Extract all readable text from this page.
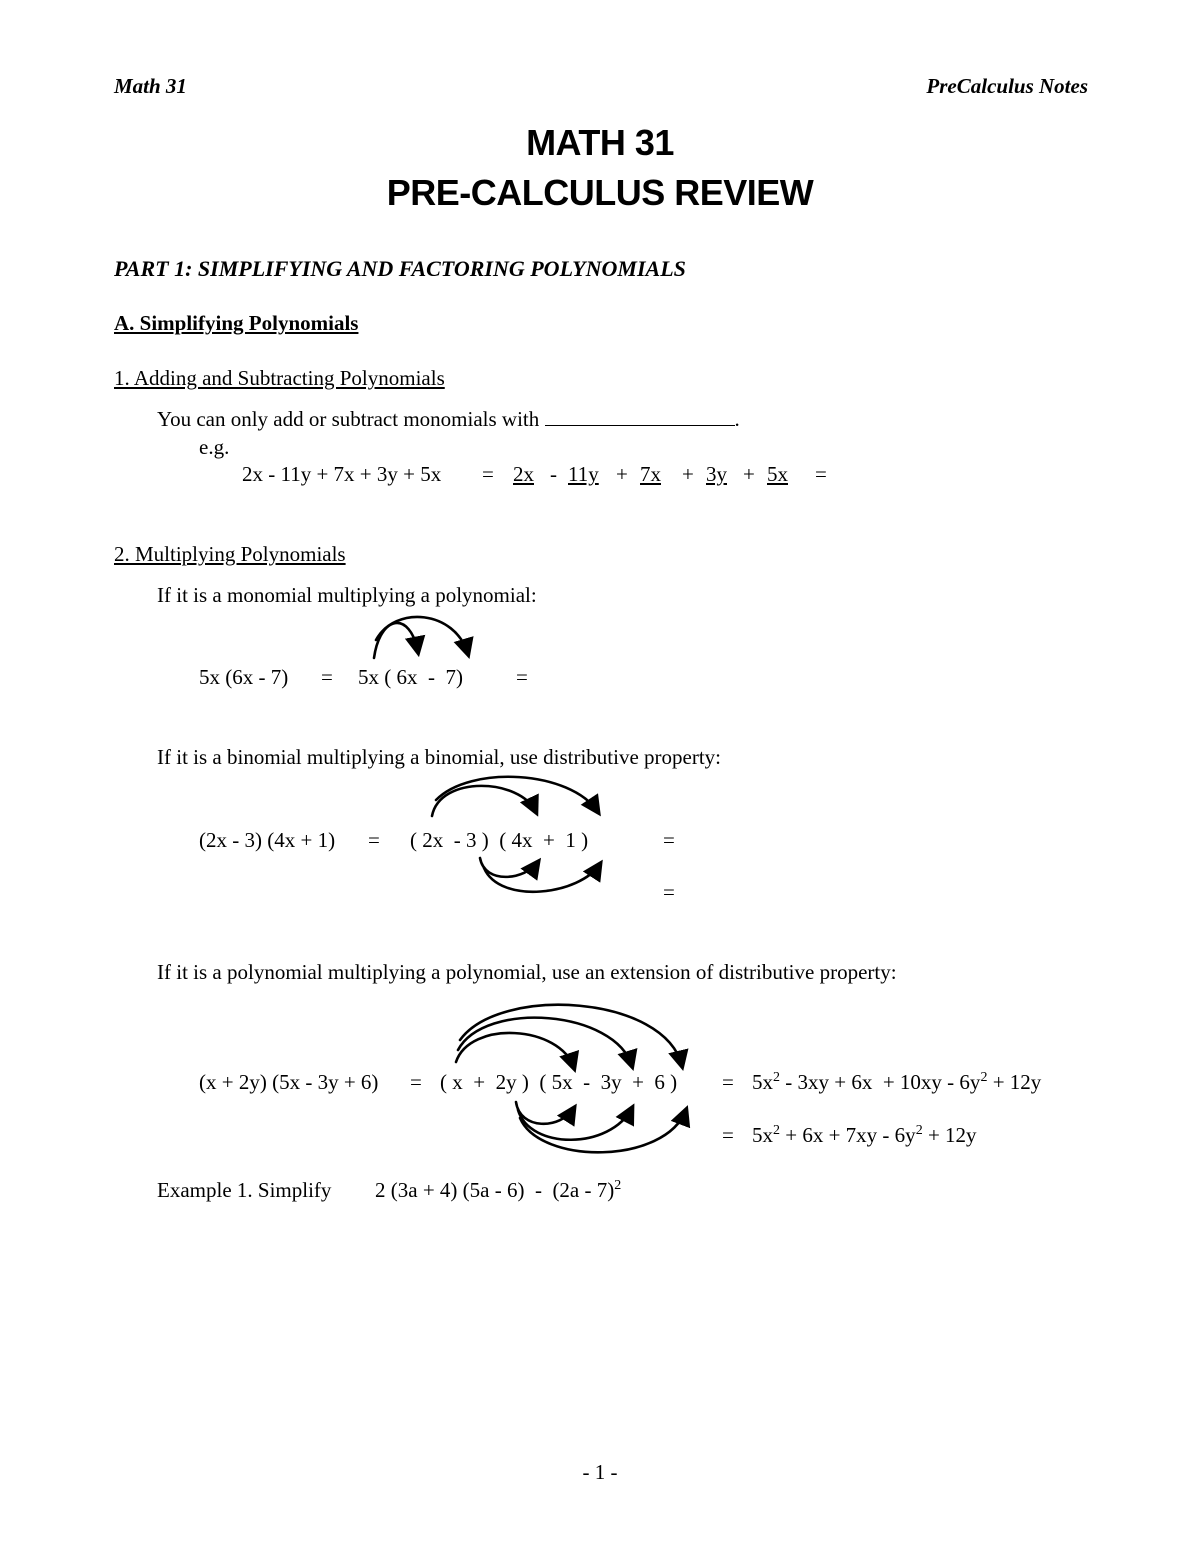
Math 31	PreCalculus Notes
MATH 31
PRE-CALCULUS REVIEW
PART 1: SIMPLIFYING AND FACTORING POLYNOMIALS
A. Simplifying Polynomials
1. Adding and Subtracting Polynomials
You can only add or subtract monomials with	.
e.g.
2x - 11y + 7x + 3y + 5x = 2x - 11y + 7x + 3y + 5x =
2. Multiplying Polynomials
If it is a monomial multiplying a polynomial:
5x (6x - 7) = 5x ( 6x  -  7)	=
If it is a binomial multiplying a binomial, use distributive property:
(2x - 3) (4x + 1) = ( 2x  - 3 )  ( 4x  +  1 )	=
=
If it is a polynomial multiplying a polynomial, use an extension of distributive property:
(x + 2y) (5x - 3y + 6) = ( x  +  2y )  ( 5x  -  3y  +  6 ) = $5x^2 - 3xy + 6x + 10xy - 6y^2 + 12y$
= $5x^2 + 6x + 7xy - 6y^2 + 12y$
Example 1. Simplify 2 (3a + 4) (5a - 6)  -  (2a - 7)$^2$
- 1 -
